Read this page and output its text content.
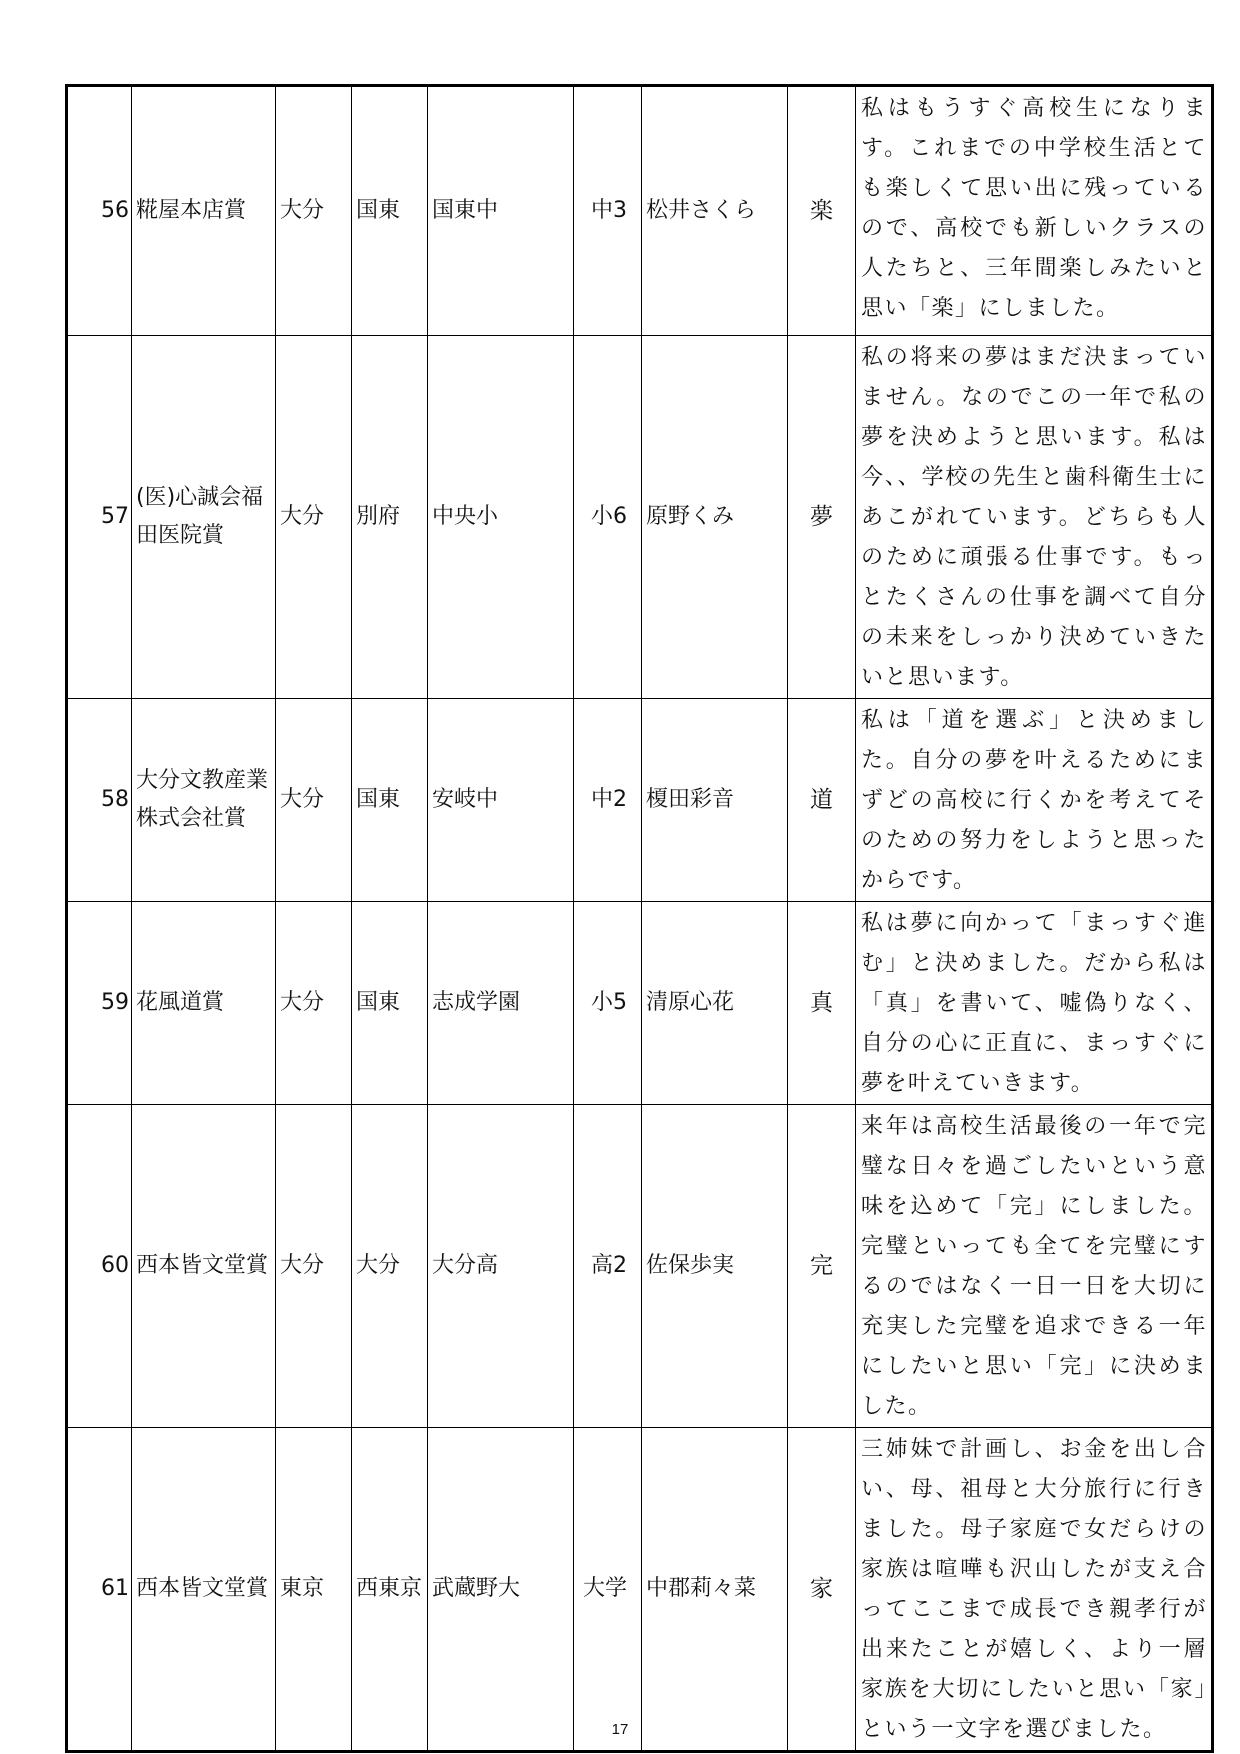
56	糀屋本店賞	大分	国東	国東中	中3	松井さくら	楽	私はもうすぐ高校生になります。これまでの中学校生活とても楽しくて思い出に残っているので、高校でも新しいクラスの人たちと、三年間楽しみたいと思い「楽」にしました。
57	(医)心誠会福田医院賞	大分	別府	中央小	小6	原野くみ	夢	私の将来の夢はまだ決まっていません。なのでこの一年で私の夢を決めようと思います。私は今、、学校の先生と歯科衛生士にあこがれています。どちらも人のために頑張る仕事です。もっとたくさんの仕事を調べて自分の未来をしっかり決めていきたいと思います。
58	大分文教産業株式会社賞	大分	国東	安岐中	中2	榎田彩音	道	私は「道を選ぶ」と決めました。自分の夢を叶えるためにまずどの高校に行くかを考えてそのための努力をしようと思ったからです。
59	花風道賞	大分	国東	志成学園	小5	清原心花	真	私は夢に向かって「まっすぐ進む」と決めました。だから私は「真」を書いて、嘘偽りなく、自分の心に正直に、まっすぐに夢を叶えていきます。
60	西本皆文堂賞	大分	大分	大分高	高2	佐保歩実	完	来年は高校生活最後の一年で完璧な日々を過ごしたいという意味を込めて「完」にしました。完璧といっても全てを完璧にするのではなく一日一日を大切に充実した完璧を追求できる一年にしたいと思い「完」に決めました。
61	西本皆文堂賞	東京	西東京	武蔵野大	大学	中郡莉々菜	家	三姉妹で計画し、お金を出し合い、母、祖母と大分旅行に行きました。母子家庭で女だらけの家族は喧嘩も沢山したが支え合ってここまで成長でき親孝行が出来たことが嬉しく、より一層家族を大切にしたいと思い「家」という一文字を選びました。
17
